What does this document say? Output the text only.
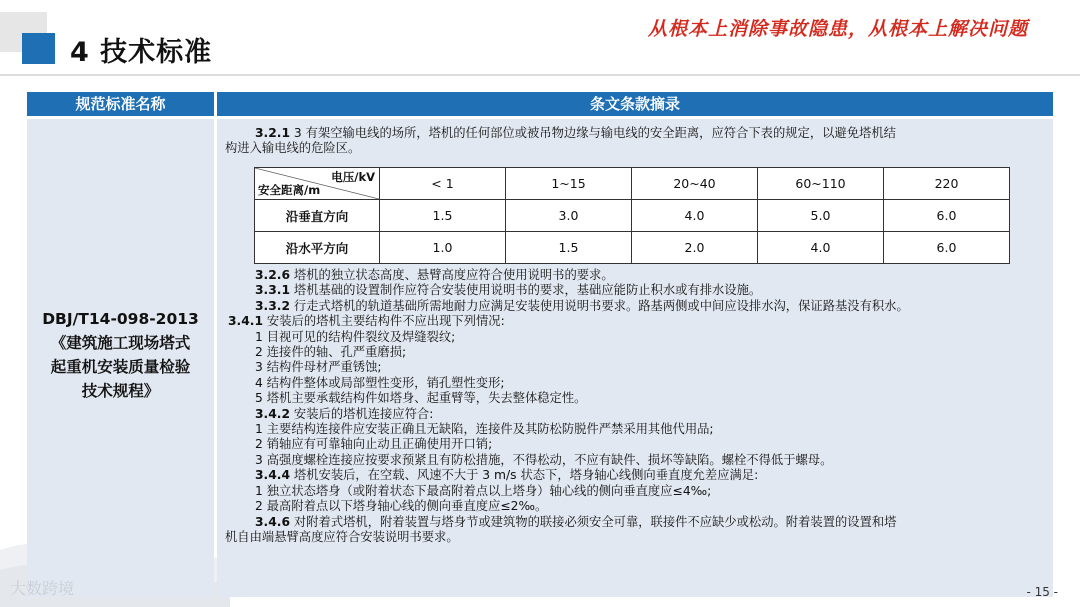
4 技术标准
从根本上消除事故隐患，从根本上解决问题
规范标准名称	条文条款摘录
DBJ/T14-098-2013
《建筑施工现场塔式
起重机安装质量检验
技术规程》
3.2.1 3 有架空输电线的场所，塔机的任何部位或被吊物边缘与输电线的安全距离，应符合下表的规定，以避免塔机结
构进入输电线的危险区。
电压/kV
安全距离/m	< 1	1~15	20~40	60~110	220
沿垂直方向	1.5	3.0	4.0	5.0	6.0
沿水平方向	1.0	1.5	2.0	4.0	6.0
3.2.6 塔机的独立状态高度、悬臂高度应符合使用说明书的要求。
3.3.1 塔机基础的设置制作应符合安装使用说明书的要求，基础应能防止积水或有排水设施。
3.3.2 行走式塔机的轨道基础所需地耐力应满足安装使用说明书要求。路基两侧或中间应设排水沟，保证路基没有积水。
3.4.1 安装后的塔机主要结构件不应出现下列情况:
1 目视可见的结构件裂纹及焊缝裂纹;
2 连接件的轴、孔严重磨损;
3 结构件母材严重锈蚀;
4 结构件整体或局部塑性变形，销孔塑性变形;
5 塔机主要承载结构件如塔身、起重臂等，失去整体稳定性。
3.4.2 安装后的塔机连接应符合:
1 主要结构连接件应安装正确且无缺陷，连接件及其防松防脱件严禁采用其他代用品;
2 销轴应有可靠轴向止动且正确使用开口销;
3 高强度螺栓连接应按要求预紧且有防松措施，不得松动，不应有缺件、损坏等缺陷。螺栓不得低于螺母。
3.4.4 塔机安装后，在空载、风速不大于 3 m/s 状态下，塔身轴心线侧向垂直度允差应满足:
1 独立状态塔身（或附着状态下最高附着点以上塔身）轴心线的侧向垂直度应≤4‰;
2 最高附着点以下塔身轴心线的侧向垂直度应≤2‰。
3.4.6 对附着式塔机，附着装置与塔身节或建筑物的联接必须安全可靠，联接件不应缺少或松动。附着装置的设置和塔
机自由端悬臂高度应符合安装说明书要求。
大数跨境	- 15 -
